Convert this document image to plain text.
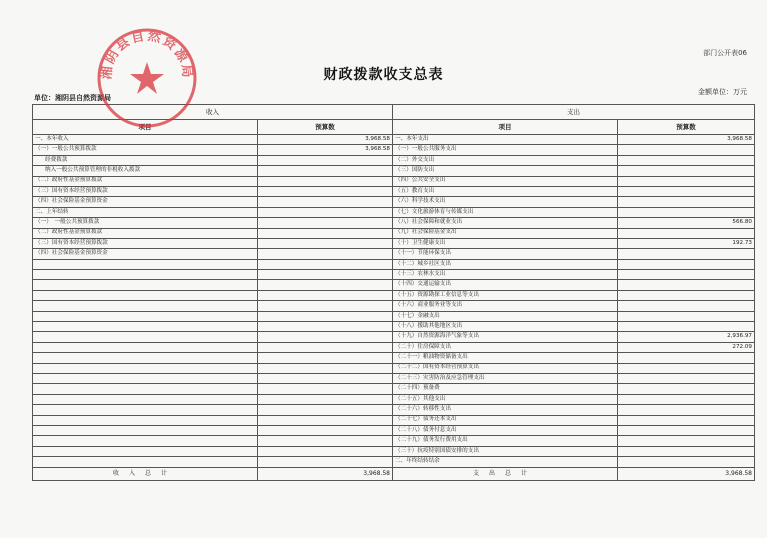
部门公开表06
财政拨款收支总表
单位：湘阴县自然资源局
金额单位：万元
收入		支出	
项目	预算数	项目	预算数
一、本年收入	3,968.58	一、本年支出	3,968.58
（一）一般公共预算拨款	3,968.58	（一）一般公共服务支出	
经费拨款		（二）外交支出	
纳入一般公共预算管理的非税收入拨款		（三）国防支出	
（二）政府性基金预算拨款		（四）公共安全支出	
（三）国有资本经营预算拨款		（五）教育支出	
（四）社会保险基金预算资金		（六）科学技术支出	
二、上年结转		（七）文化旅游体育与传媒支出	
（一）　一般公共预算拨款		（八）社会保障和就业支出	566.80
（二）政府性基金预算拨款		（九）社会保险基金支出	
（三）国有资本经营预算拨款		（十）卫生健康支出	192.73
（四）社会保险基金预算资金		（十一）节能环保支出	
		（十二）城乡社区支出	
		（十三）农林水支出	
		（十四）交通运输支出	
		（十五）资源勘探工业信息等支出	
		（十六）商业服务业等支出	
		（十七）金融支出	
		（十八）援助其他地区支出	
		（十九）自然资源海洋气象等支出	2,936.97
		（二十）住房保障支出	272.09
		（二十一）粮油物资储备支出	
		（二十二）国有资本经营预算支出	
		（二十三）灾害防治及应急管理支出	
		（二十四）预备费	
		（二十五）其他支出	
		（二十六）转移性支出	
		（二十七）债务还本支出	
		（二十八）债务付息支出	
		（二十九）债务发行费用支出	
		（三十）抗疫特别国债安排的支出	
		二、年终结转结余	
收入总计	3,968.58	支出总计	3,968.58
湘阴县自然资源局
